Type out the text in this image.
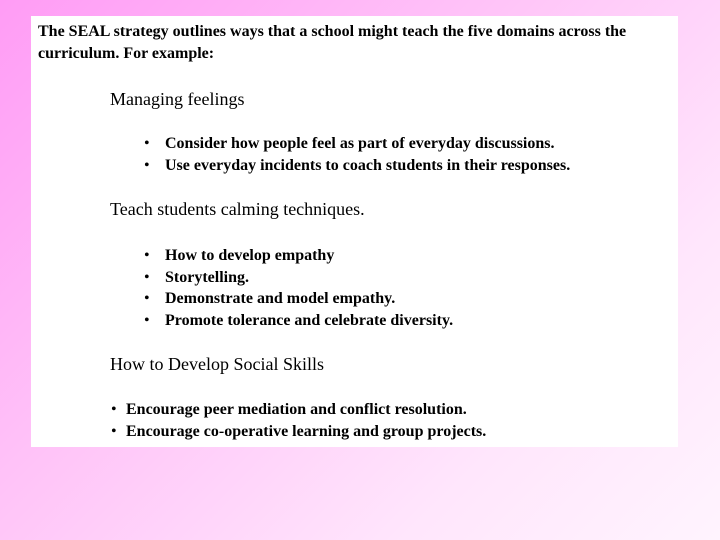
The SEAL strategy outlines ways that a school might teach the five domains across the curriculum. For example:

Managing feelings
• Consider how people feel as part of everyday discussions.
• Use everyday incidents to coach students in their responses.
Teach students calming techniques.
• How to develop empathy
• Storytelling.
• Demonstrate and model empathy.
• Promote tolerance and celebrate diversity.
How to Develop Social Skills
• Encourage peer mediation and conflict resolution.
• Encourage co-operative learning and group projects.
